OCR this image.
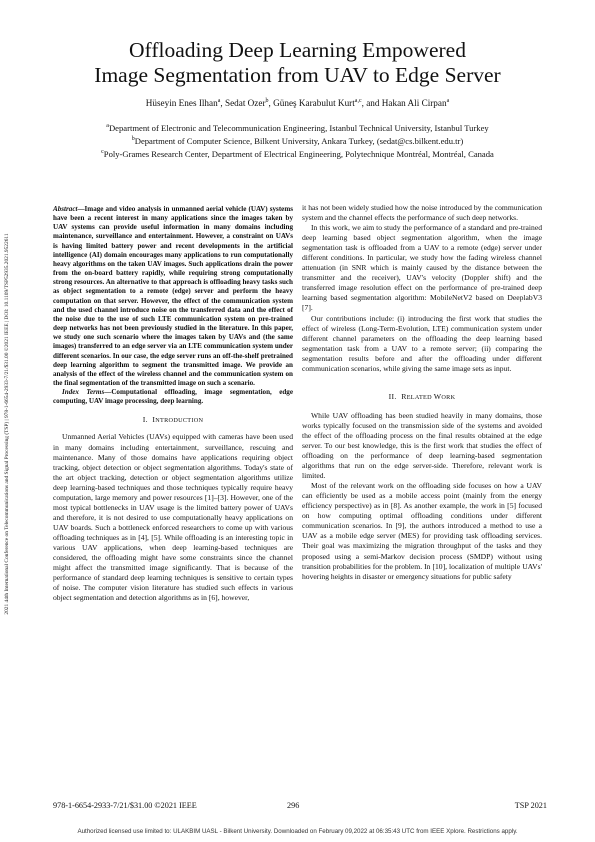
Offloading Deep Learning Empowered
Image Segmentation from UAV to Edge Server
Hüseyin Enes Ilhan$^a$, Sedat Ozer$^b$, Güneş Karabulut Kurt$^{a,c}$, and Hakan Ali Cirpan$^a$
$^a$Department of Electronic and Telecommunication Engineering, Istanbul Technical University, Istanbul Turkey
$^b$Department of Computer Science, Bilkent University, Ankara Turkey, (sedat@cs.bilkent.edu.tr)
$^c$Poly-Grames Research Center, Department of Electrical Engineering, Polytechnique Montréal, Montréal, Canada
2021 44th International Conference on Telecommunications and Signal Processing (TSP) | 978-1-6654-2933-7/21/$31.00 ©2021 IEEE | DOI: 10.1109/TSP52935.2021.9522611

Abstract—Image and video analysis in unmanned aerial vehicle (UAV) systems have been a recent interest in many applications since the images taken by UAV systems can provide useful information in many domains including maintenance, surveillance and entertainment. However, a constraint on UAVs is having limited battery power and recent developments in the artificial intelligence (AI) domain encourages many applications to run computationally heavy algorithms on the taken UAV images. Such applications drain the power from the on-board battery rapidly, while requiring strong computationally strong resources. An alternative to that approach is offloading heavy tasks such as object segmentation to a remote (edge) server and perform the heavy computation on that server. However, the effect of the communication system and the used channel introduce noise on the transferred data and the effect of the noise due to the use of such LTE communication system on pre-trained deep networks has not been previously studied in the literature. In this paper, we study one such scenario where the images taken by UAVs and (the same images) transferred to an edge server via an LTE communication system under different scenarios. In our case, the edge server runs an off-the-shelf pretrained deep learning algorithm to segment the transmitted image. We provide an analysis of the effect of the wireless channel and the communication system on the final segmentation of the transmitted image on such a scenario.

Index Terms—Computational offloading, image segmentation, edge computing, UAV image processing, deep learning.

I. INTRODUCTION

Unmanned Aerial Vehicles (UAVs) equipped with cameras have been used in many domains including entertainment, surveillance, rescuing and maintenance. Many of those domains have applications requiring object tracking, object detection or object segmentation algorithms. Today's state of the art object tracking, detection or object segmentation algorithms utilize deep learning-based techniques and those techniques typically require heavy computation, large memory and power resources [1]–[3]. However, one of the most typical bottlenecks in UAV usage is the limited battery power of UAVs and therefore, it is not desired to use computationally heavy applications on UAV boards. Such a bottleneck enforced researchers to come up with various offloading techniques as in [4], [5]. While offloading is an interesting topic in various UAV applications, when deep learning-based techniques are considered, the offloading might have some constraints since the channel might affect the transmitted image significantly. That is because of the performance of standard deep learning techniques is sensitive to certain types of noise. The computer vision literature has studied such effects in various object segmentation and detection algorithms as in [6], however,

it has not been widely studied how the noise introduced by the communication system and the channel effects the performance of such deep networks.

In this work, we aim to study the performance of a standard and pre-trained deep learning based object segmentation algorithm, when the image segmentation task is offloaded from a UAV to a remote (edge) server under different conditions. In particular, we study how the fading wireless channel attenuation (in SNR which is mainly caused by the distance between the transmitter and the receiver), UAV's velocity (Doppler shift) and the transferred image resolution effect on the performance of pre-trained deep learning based segmentation algorithm: MobileNetV2 based on DeeplabV3 [7].

Our contributions include: (i) introducing the first work that studies the effect of wireless (Long-Term-Evolution, LTE) communication system under different channel parameters on the offloading the deep learning based segmentation task from a UAV to a remote server; (ii) comparing the segmentation results before and after the offloading under different communication scenarios, while giving the same image sets as input.

II. RELATED WORK

While UAV offloading has been studied heavily in many domains, those works typically focused on the transmission side of the systems and avoided the effect of the offloading process on the final results obtained at the edge server. To our best knowledge, this is the first work that studies the effect of offloading on the performance of deep learning-based segmentation algorithms that run on the edge server-side. Therefore, relevant work is limited.

Most of the relevant work on the offloading side focuses on how a UAV can efficiently be used as a mobile access point (mainly from the energy efficiency perspective) as in [8]. As another example, the work in [5] focused on how computing optimal offloading conditions under different communication scenarios. In [9], the authors introduced a method to use a UAV as a mobile edge server (MES) for providing task offloading services. Their goal was maximizing the migration throughput of the tasks and they proposed using a semi-Markov decision process (SMDP) without using transition probabilities for the problem. In [10], localization of multiple UAVs' hovering heights in disaster or emergency situations for public safety

978-1-6654-2933-7/21/$31.00 ©2021 IEEE	296	TSP 2021
Authorized licensed use limited to: ULAKBIM UASL - Bilkent University. Downloaded on February 09,2022 at 06:35:43 UTC from IEEE Xplore. Restrictions apply.
